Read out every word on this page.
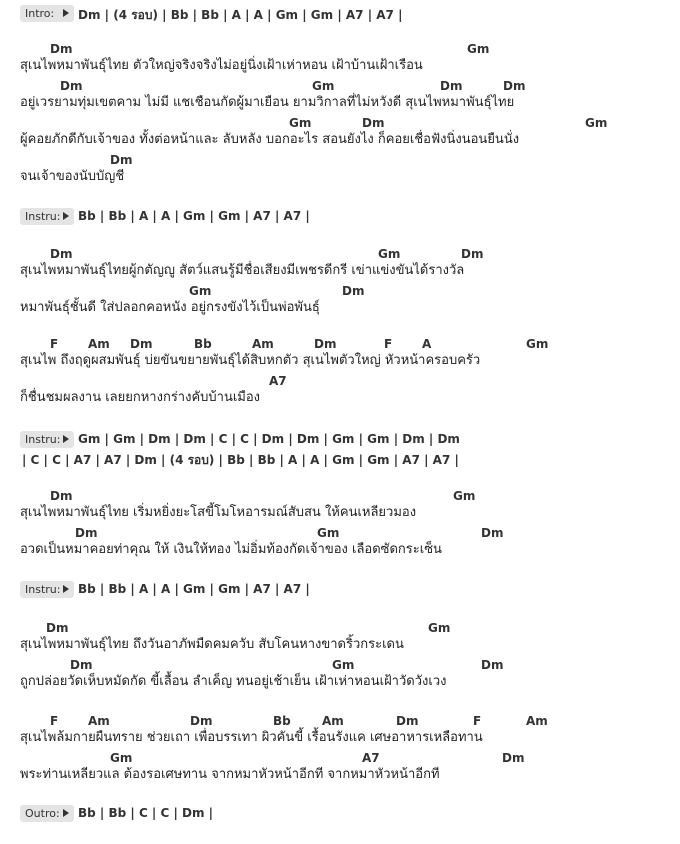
Intro:	Dm | (4 รอบ) | Bb | Bb | A | A | Gm | Gm | A7 | A7 |
Dm	Gm
สุเนไพหมาพันธุ์ไทย ตัวใหญ่จริงจริงไม่อยู่นิ่งเฝ้าเห่าหอน เฝ้าบ้านเฝ้าเรือน
Dm	Gm	Dm	Dm
อยู่เวรยามทุ่มเขตคาม ไม่มี แชเชือนกัดผู้มาเยือน ยามวิกาลที่ไม่หวังดี สุเนไพหมาพันธุ์ไทย
Gm	Dm	Gm
ผู้คอยภักดีกับเจ้าของ ทั้งต่อหน้าและ ลับหลัง บอกอะไร สอนยังไง ก็คอยเชื่อฟังนิ่งนอนยืนนั่ง
Dm
จนเจ้าของนับบัญชี
Instru:	Bb | Bb | A | A | Gm | Gm | A7 | A7 |
Dm	Gm	Dm
สุเนไพหมาพันธุ์ไทยผู้กตัญญู สัตว์แสนรู้มีชื่อเสียงมีเพชรดีกรี เข่าแข่งขันได้รางวัล
Gm	Dm
หมาพันธุ์ชั้นดี ใส่ปลอกคอหนัง อยู่กรงขังไว้เป็นพ่อพันธุ์
F Am Dm	Bb	Am	Dm	F A	Gm
สุเนไพ ถึงฤดูผสมพันธุ์ บ่ยขันขยายพันธุ์ได้สิบหกตัว สุเนไพตัวใหญ่ หัวหน้าครอบครัว
A7
ก็ชื่นชมผลงาน เลยยกหางกร่างคับบ้านเมือง
Instru:	Gm | Gm | Dm | Dm | C | C | Dm | Dm | Gm | Gm | Dm | Dm
| C | C | A7 | A7 | Dm | (4 รอบ) | Bb | Bb | A | A | Gm | Gm | A7 | A7 |
Dm	Gm
สุเนไพหมาพันธุ์ไทย เริ่มหยิ่งยะโสขี้โมโหอารมณ์สับสน ให้คนเหลียวมอง
Dm	Gm	Dm
อวดเป็นหมาคอยท่าคุณ ให้ เงินให้ทอง ไม่อิ่มท้องกัดเจ้าของ เลือดซัดกระเซ็น
Instru:	Bb | Bb | A | A | Gm | Gm | A7 | A7 |
Dm	Gm
สุเนไพหมาพันธุ์ไทย ถึงวันอาภัพมืดคมควับ สับโคนหางขาดริ้วกระเดน
Dm	Gm	Dm
ถูกปล่อยวัดเห็บหมัดกัด ขี้เลื้อน ลำเค็ญ ทนอยู่เช้าเย็น เฝ้าเห่าหอนเฝ้าวัดวังเวง
F Am	Dm	Bb	Am	Dm	F	Am
สุเนไพล้มกายผืนทราย ช่วยเถา เพื่อบรรเทา ผิวคันขี้ เรื้อนรังแค เศษอาหารเหลือทาน
Gm	A7	Dm
พระท่านเหลียวแล ต้องรอเศษทาน จากหมาหัวหน้าอีกที จากหมาหัวหน้าอีกที
Outro:	Bb | Bb | C | C | Dm |
